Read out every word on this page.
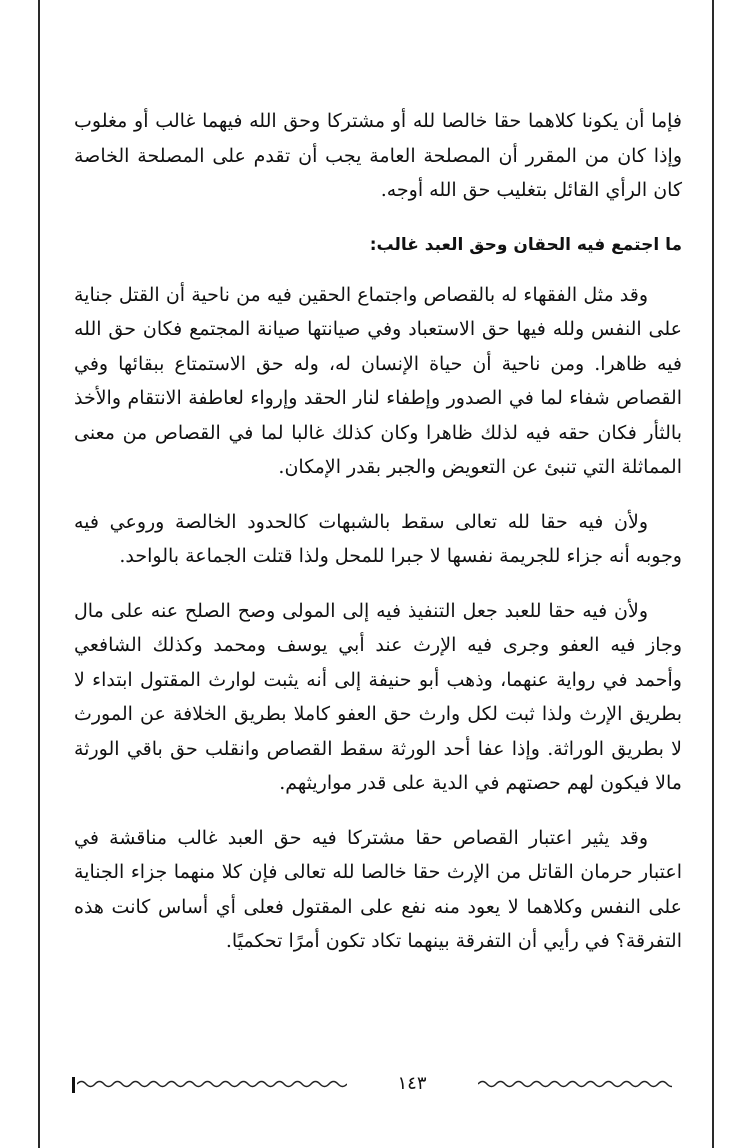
فإما أن يكونا كلاهما حقا خالصا لله أو مشتركا وحق الله فيهما غالب أو مغلوب وإذا كان من المقرر أن المصلحة العامة يجب أن تقدم على المصلحة الخاصة كان الرأي القائل بتغليب حق الله أوجه.

ما اجتمع فيه الحقان وحق العبد غالب:

وقد مثل الفقهاء له بالقصاص واجتماع الحقين فيه من ناحية أن القتل جناية على النفس ولله فيها حق الاستعباد وفي صيانتها صيانة المجتمع فكان حق الله فيه ظاهرا. ومن ناحية أن حياة الإنسان له، وله حق الاستمتاع ببقائها وفي القصاص شفاء لما في الصدور وإطفاء لنار الحقد وإرواء لعاطفة الانتقام والأخذ بالثأر فكان حقه فيه لذلك ظاهرا وكان كذلك غالبا لما في القصاص من معنى المماثلة التي تنبئ عن التعويض والجبر بقدر الإمكان.

ولأن فيه حقا لله تعالى سقط بالشبهات كالحدود الخالصة وروعي فيه وجوبه أنه جزاء للجريمة نفسها لا جبرا للمحل ولذا قتلت الجماعة بالواحد.

ولأن فيه حقا للعبد جعل التنفيذ فيه إلى المولى وصح الصلح عنه على مال وجاز فيه العفو وجرى فيه الإرث عند أبي يوسف ومحمد وكذلك الشافعي وأحمد في رواية عنهما، وذهب أبو حنيفة إلى أنه يثبت لوارث المقتول ابتداء لا بطريق الإرث ولذا ثبت لكل وارث حق العفو كاملا بطريق الخلافة عن المورث لا بطريق الوراثة. وإذا عفا أحد الورثة سقط القصاص وانقلب حق باقي الورثة مالا فيكون لهم حصتهم في الدية على قدر مواريثهم.

وقد يثير اعتبار القصاص حقا مشتركا فيه حق العبد غالب مناقشة في اعتبار حرمان القاتل من الإرث حقا خالصا لله تعالى فإن كلا منهما جزاء الجناية على النفس وكلاهما لا يعود منه نفع على المقتول فعلى أي أساس كانت هذه التفرقة؟ في رأيي أن التفرقة بينهما تكاد تكون أمرًا تحكميًا.

١٤٣
